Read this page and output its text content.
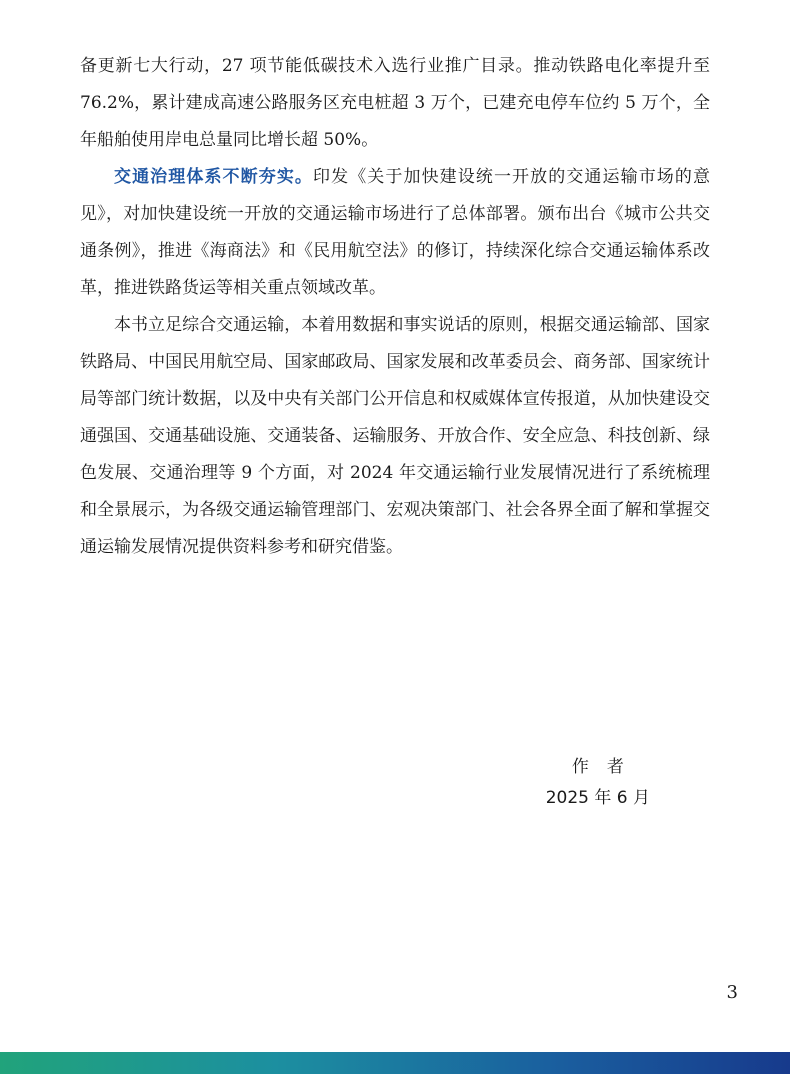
备更新七大行动，27 项节能低碳技术入选行业推广目录。推动铁路电化率提升至 76.2%，累计建成高速公路服务区充电桩超 3 万个，已建充电停车位约 5 万个，全年船舶使用岸电总量同比增长超 50%。

交通治理体系不断夯实。印发《关于加快建设统一开放的交通运输市场的意见》，对加快建设统一开放的交通运输市场进行了总体部署。颁布出台《城市公共交通条例》，推进《海商法》和《民用航空法》的修订，持续深化综合交通运输体系改革，推进铁路货运等相关重点领域改革。

本书立足综合交通运输，本着用数据和事实说话的原则，根据交通运输部、国家铁路局、中国民用航空局、国家邮政局、国家发展和改革委员会、商务部、国家统计局等部门统计数据，以及中央有关部门公开信息和权威媒体宣传报道，从加快建设交通强国、交通基础设施、交通装备、运输服务、开放合作、安全应急、科技创新、绿色发展、交通治理等 9 个方面，对 2024 年交通运输行业发展情况进行了系统梳理和全景展示，为各级交通运输管理部门、宏观决策部门、社会各界全面了解和掌握交通运输发展情况提供资料参考和研究借鉴。

作者
2025 年 6 月
3
